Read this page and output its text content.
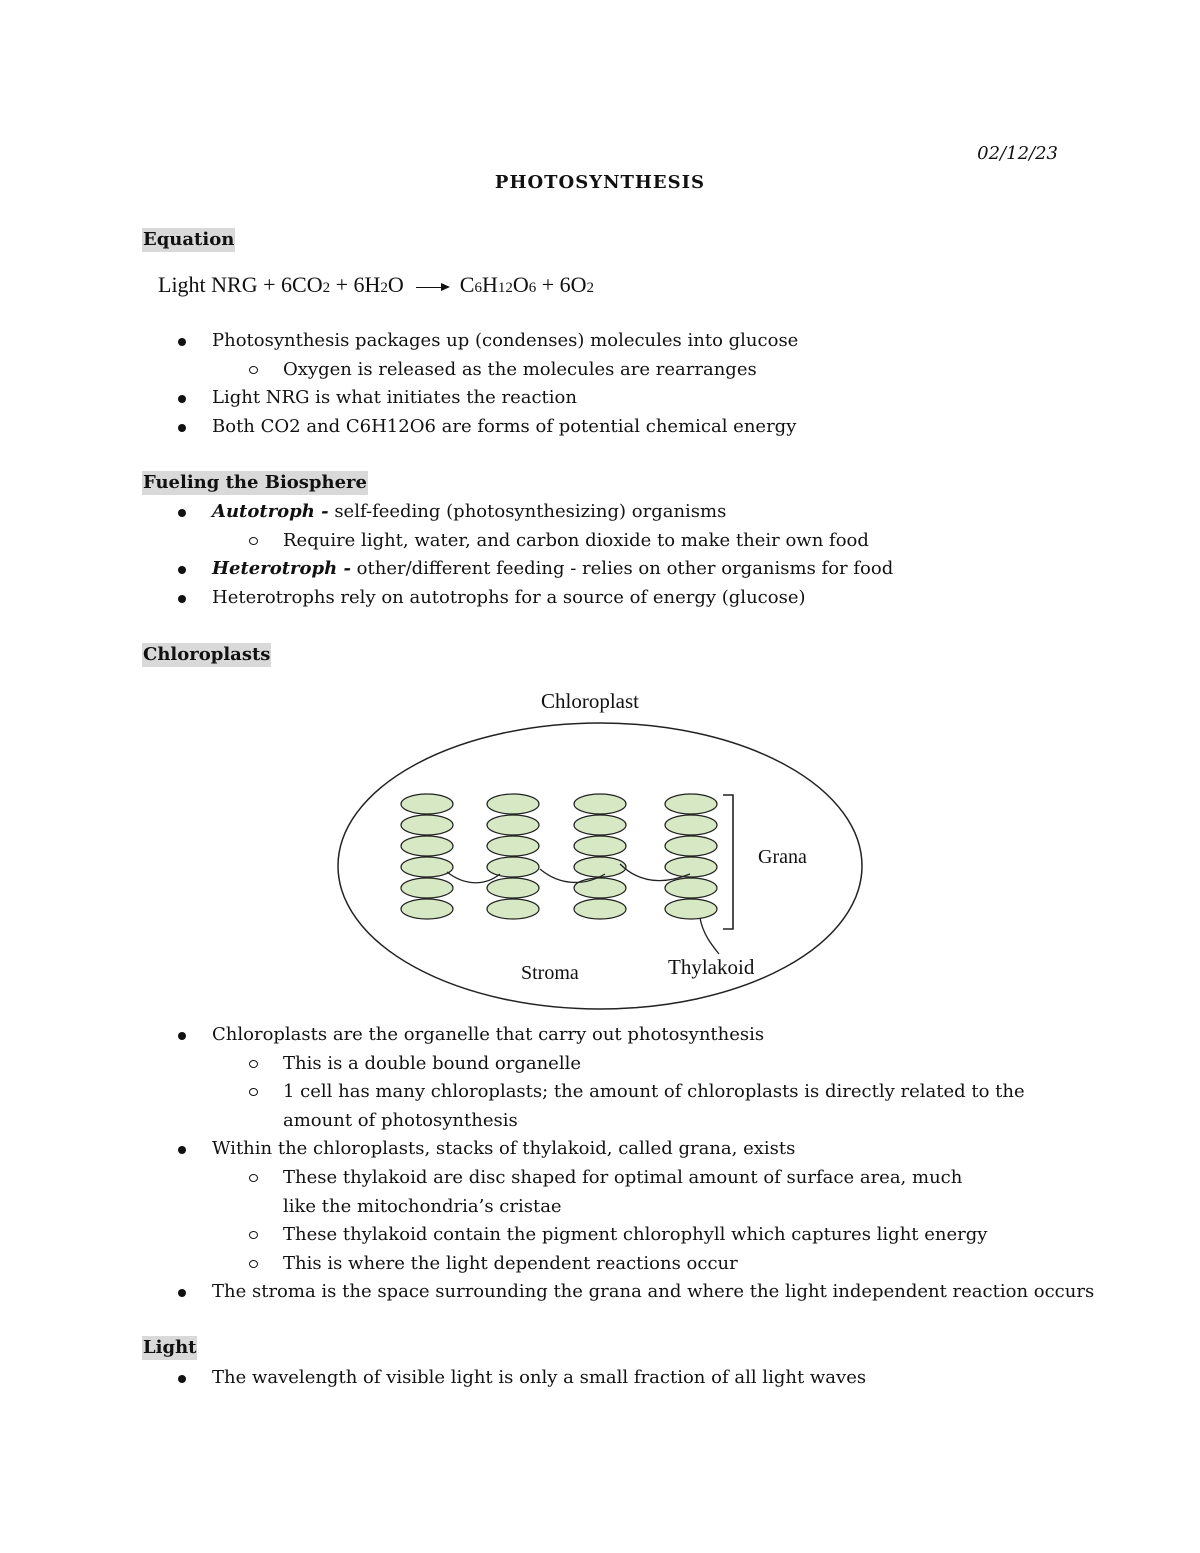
02/12/23
PHOTOSYNTHESIS
Equation
Light NRG + 6CO2 + 6H2O	C6H12O6 + 6O2
Photosynthesis packages up (condenses) molecules into glucose
Oxygen is released as the molecules are rearranges
Light NRG is what initiates the reaction
Both CO2 and C6H12O6 are forms of potential chemical energy
Fueling the Biosphere
Autotroph - self-feeding (photosynthesizing) organisms
Require light, water, and carbon dioxide to make their own food
Heterotroph - other/different feeding - relies on other organisms for food
Heterotrophs rely on autotrophs for a source of energy (glucose)
Chloroplasts
Chloroplast
Grana
Stroma	Thylakoid
Chloroplasts are the organelle that carry out photosynthesis
This is a double bound organelle
1 cell has many chloroplasts; the amount of chloroplasts is directly related to the amount of photosynthesis
Within the chloroplasts, stacks of thylakoid, called grana, exists
These thylakoid are disc shaped for optimal amount of surface area, much like the mitochondria’s cristae
These thylakoid contain the pigment chlorophyll which captures light energy
This is where the light dependent reactions occur
The stroma is the space surrounding the grana and where the light independent reaction occurs
Light
The wavelength of visible light is only a small fraction of all light waves
